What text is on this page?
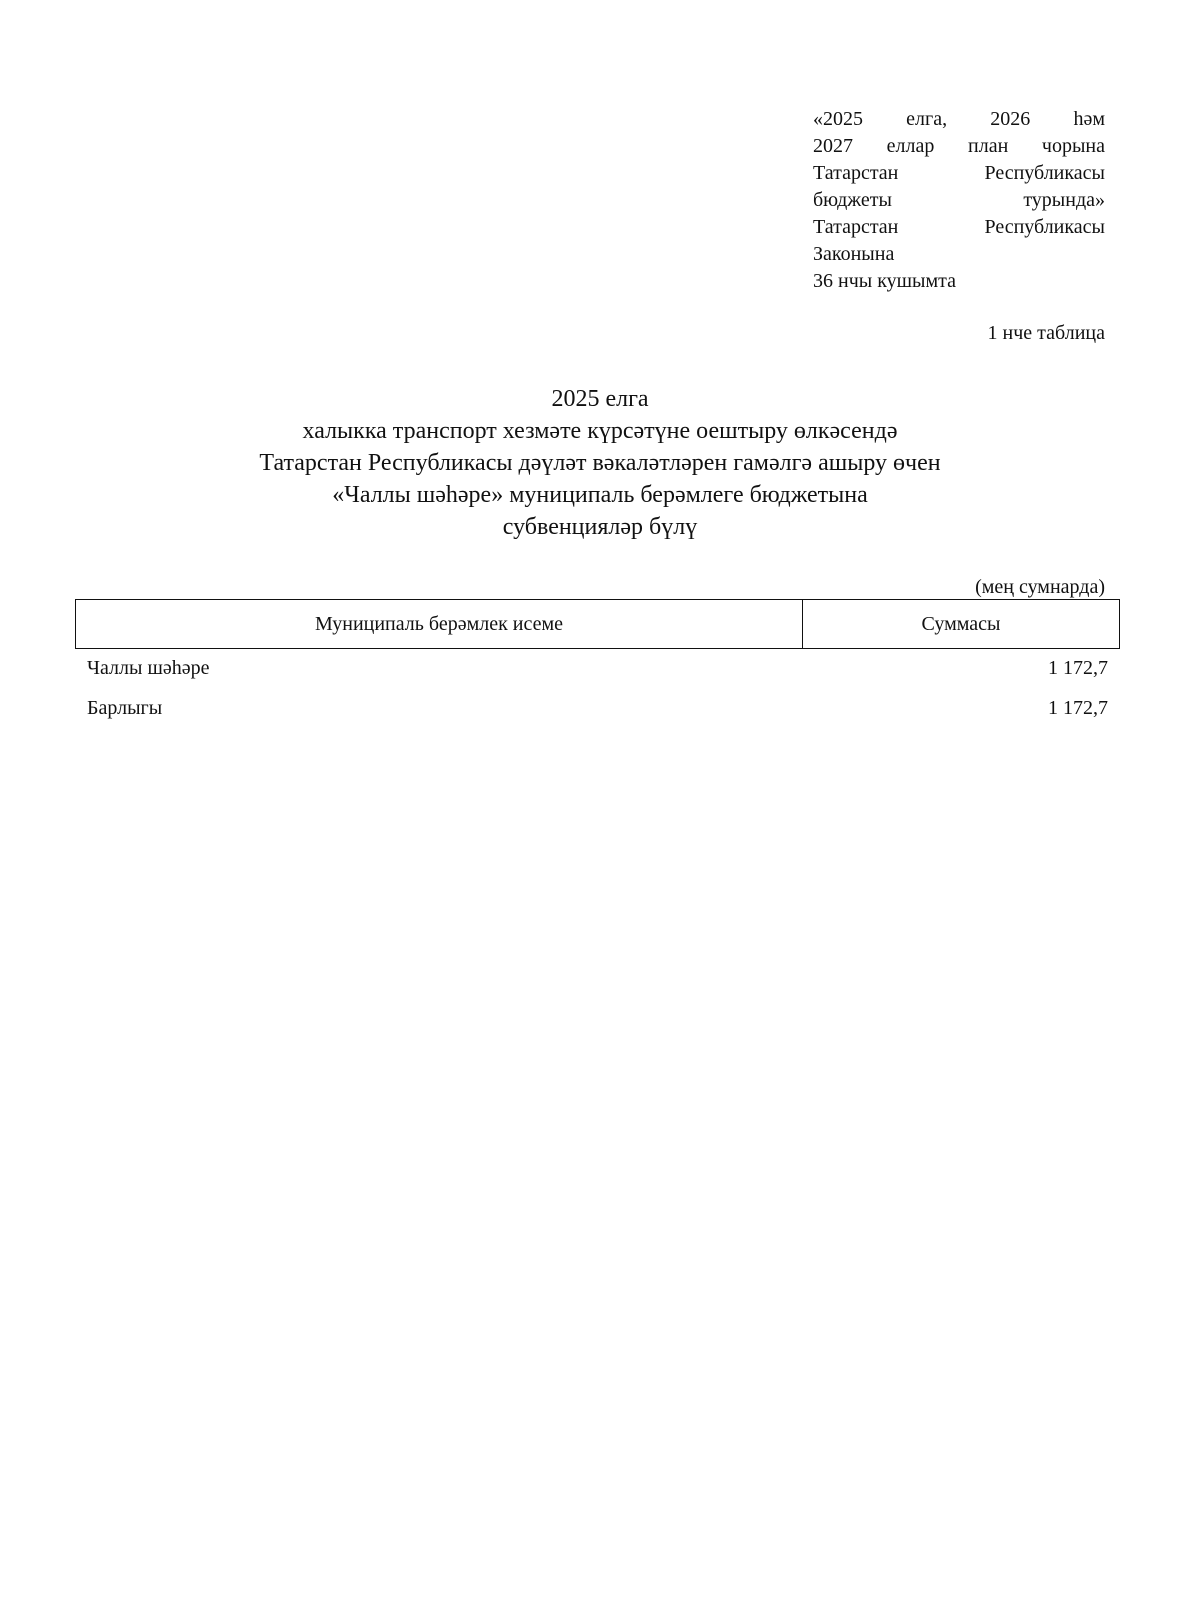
«2025 елга, 2026 һәм
2027 еллар план чорына
Татарстан Республикасы
бюджеты турында»
Татарстан Республикасы
Законына
36 нчы кушымта
1 нче таблица
2025 елга
халыкка транспорт хезмәте күрсәтүне оештыру өлкәсендә
Татарстан Республикасы дәүләт вәкаләтләрен гамәлгә ашыру өчен
«Чаллы шәһәре» муниципаль берәмлеге бюджетына
субвенцияләр бүлү
(мең сумнарда)
Муниципаль берәмлек исеме	Суммасы
Чаллы шәһәре	1 172,7
Барлыгы	1 172,7
